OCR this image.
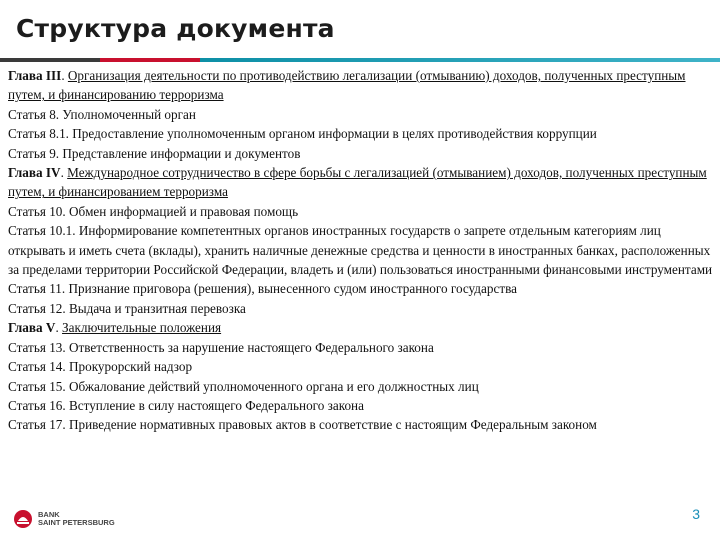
Структура документа

Глава III. Организация деятельности по противодействию легализации (отмыванию) доходов, полученных преступным путем, и финансированию терроризма

Статья 8. Уполномоченный орган

Статья 8.1. Предоставление уполномоченным органом информации в целях противодействия коррупции

Статья 9. Представление информации и документов

Глава IV. Международное сотрудничество в сфере борьбы с легализацией (отмыванием) доходов, полученных преступным путем, и финансированием терроризма

Статья 10. Обмен информацией и правовая помощь

Статья 10.1. Информирование компетентных органов иностранных государств о запрете отдельным категориям лиц открывать и иметь счета (вклады), хранить наличные денежные средства и ценности в иностранных банках, расположенных за пределами территории Российской Федерации, владеть и (или) пользоваться иностранными финансовыми инструментами

Статья 11. Признание приговора (решения), вынесенного судом иностранного государства

Статья 12. Выдача и транзитная перевозка

Глава V. Заключительные положения

Статья 13. Ответственность за нарушение настоящего Федерального закона

Статья 14. Прокурорский надзор

Статья 15. Обжалование действий уполномоченного органа и его должностных лиц

Статья 16. Вступление в силу настоящего Федерального закона

Статья 17. Приведение нормативных правовых актов в соответствие с настоящим Федеральным законом

BANK
SAINT PETERSBURG
3
